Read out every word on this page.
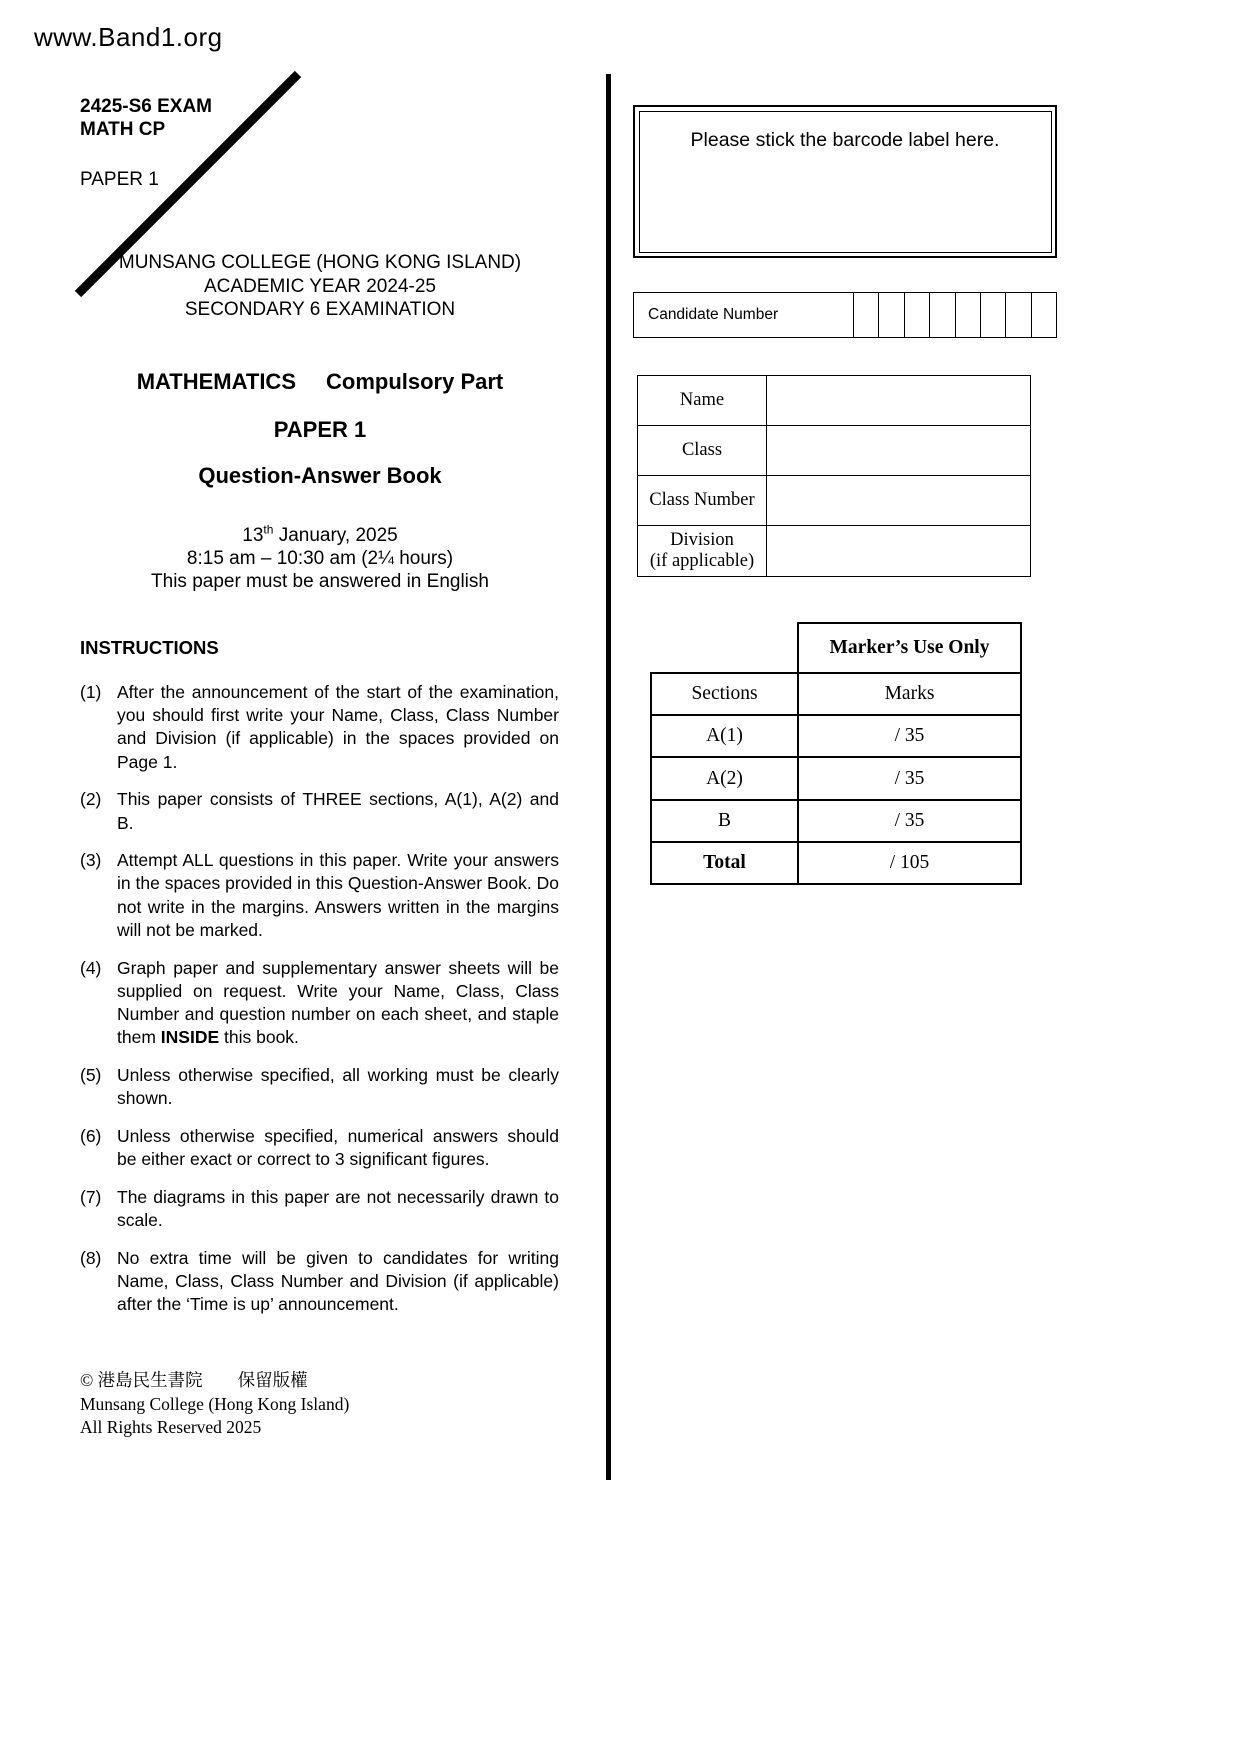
www.Band1.org
2425-S6 EXAM
MATH CP
PAPER 1
MUNSANG COLLEGE (HONG KONG ISLAND)
ACADEMIC YEAR 2024-25
SECONDARY 6 EXAMINATION
MATHEMATICS Compulsory Part
PAPER 1
Question-Answer Book
13th January, 2025
8:15 am – 10:30 am (2¼ hours)
This paper must be answered in English
INSTRUCTIONS
(1) After the announcement of the start of the examination, you should first write your Name, Class, Class Number and Division (if applicable) in the spaces provided on Page 1.
(2) This paper consists of THREE sections, A(1), A(2) and B.
(3) Attempt ALL questions in this paper. Write your answers in the spaces provided in this Question-Answer Book. Do not write in the margins. Answers written in the margins will not be marked.
(4) Graph paper and supplementary answer sheets will be supplied on request. Write your Name, Class, Class Number and question number on each sheet, and staple them INSIDE this book.
(5) Unless otherwise specified, all working must be clearly shown.
(6) Unless otherwise specified, numerical answers should be either exact or correct to 3 significant figures.
(7) The diagrams in this paper are not necessarily drawn to scale.
(8) No extra time will be given to candidates for writing Name, Class, Class Number and Division (if applicable) after the ‘Time is up’ announcement.
© 港島民生書院　　保留版權
Munsang College (Hong Kong Island)
All Rights Reserved 2025
Please stick the barcode label here.
Candidate Number
Name
Class
Class Number
Division
(if applicable)
Marker’s Use Only
Sections	Marks
A(1)	/ 35
A(2)	/ 35
B	/ 35
Total	/ 105
